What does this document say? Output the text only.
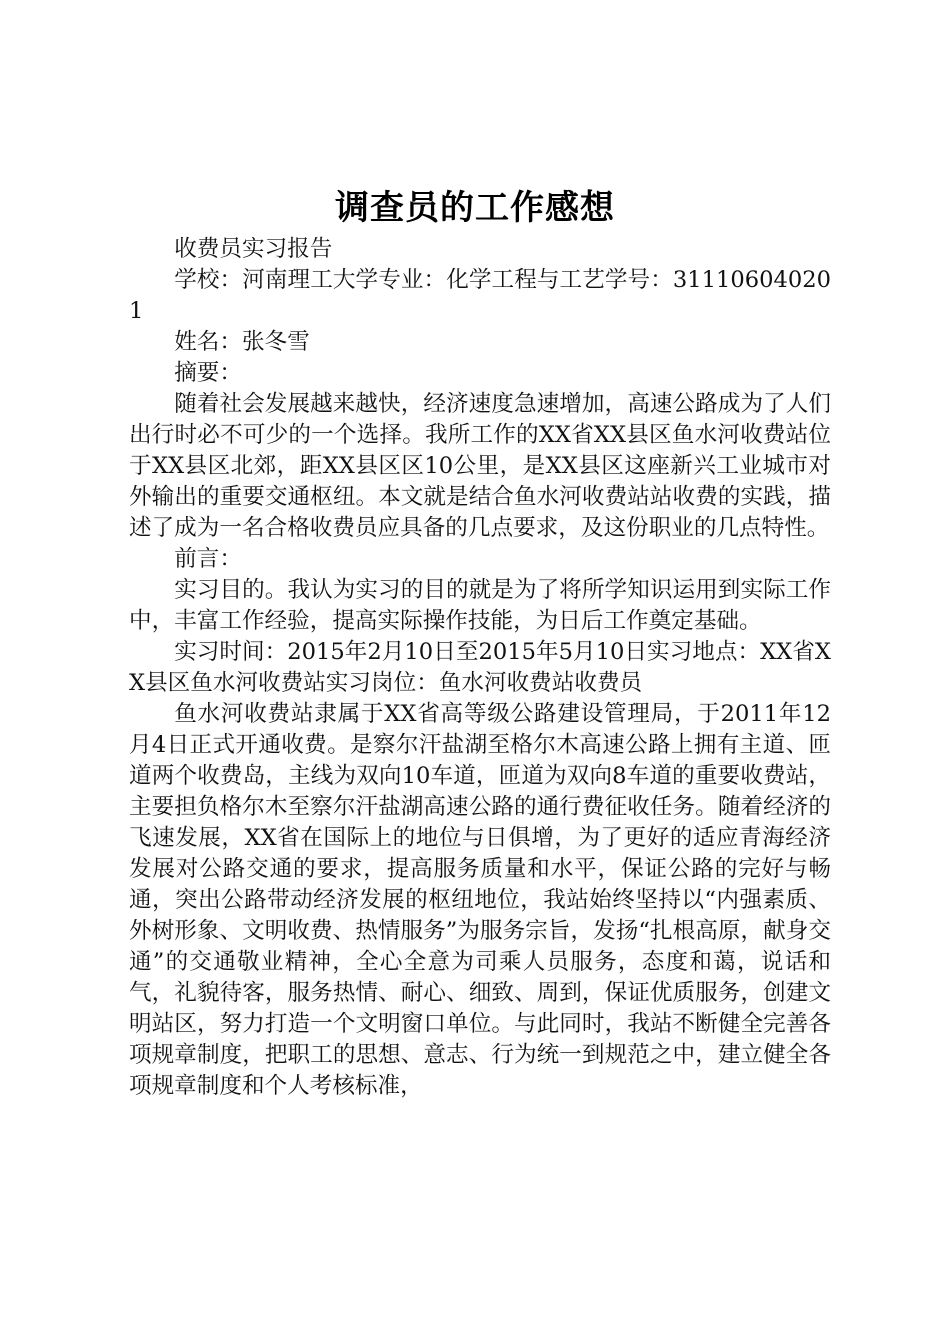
调查员的工作感想

收费员实习报告

学校：河南理工大学专业：化学工程与工艺学号：311106040201

姓名：张冬雪

摘要：

随着社会发展越来越快，经济速度急速增加，高速公路成为了人们出行时必不可少的一个选择。我所工作的XX省XX县区鱼水河收费站位于XX县区北郊，距XX县区区10公里，是XX县区这座新兴工业城市对外输出的重要交通枢纽。本文就是结合鱼水河收费站站收费的实践，描述了成为一名合格收费员应具备的几点要求，及这份职业的几点特性。

前言：

实习目的。我认为实习的目的就是为了将所学知识运用到实际工作中，丰富工作经验，提高实际操作技能，为日后工作奠定基础。

实习时间：2015年2月10日至2015年5月10日实习地点：XX省XX县区鱼水河收费站实习岗位：鱼水河收费站收费员

鱼水河收费站隶属于XX省高等级公路建设管理局，于2011年12月4日正式开通收费。是察尔汗盐湖至格尔木高速公路上拥有主道、匝道两个收费岛，主线为双向10车道，匝道为双向8车道的重要收费站，主要担负格尔木至察尔汗盐湖高速公路的通行费征收任务。随着经济的飞速发展，XX省在国际上的地位与日俱增，为了更好的适应青海经济发展对公路交通的要求，提高服务质量和水平，保证公路的完好与畅通，突出公路带动经济发展的枢纽地位，我站始终坚持以“内强素质、外树形象、文明收费、热情服务”为服务宗旨，发扬“扎根高原，献身交通”的交通敬业精神，全心全意为司乘人员服务，态度和蔼，说话和气，礼貌待客，服务热情、耐心、细致、周到，保证优质服务，创建文明站区，努力打造一个文明窗口单位。与此同时，我站不断健全完善各项规章制度，把职工的思想、意志、行为统一到规范之中，建立健全各项规章制度和个人考核标准，
